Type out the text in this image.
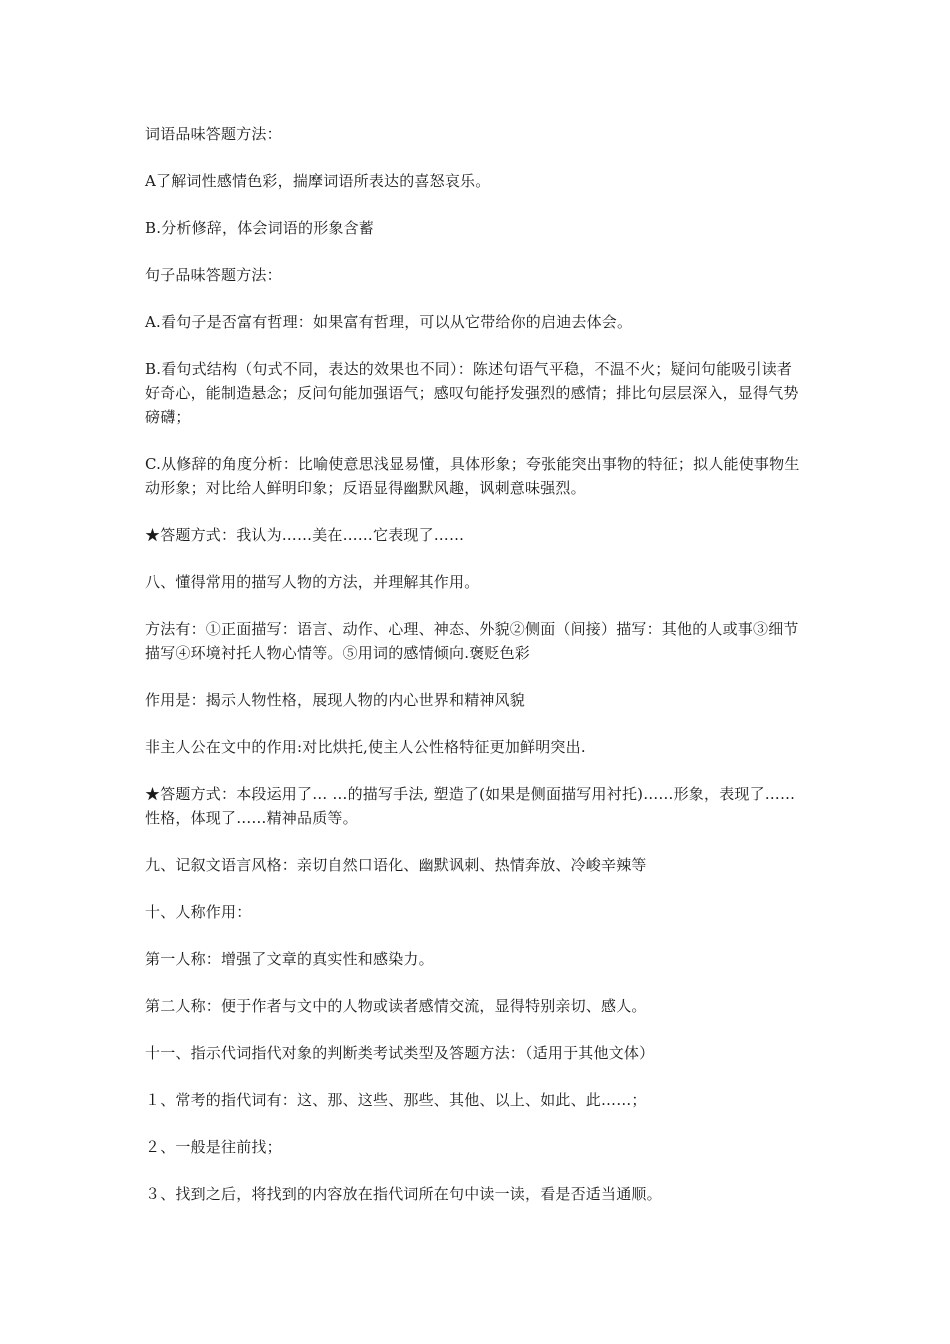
词语品味答题方法：

A了解词性感情色彩，揣摩词语所表达的喜怒哀乐。

B.分析修辞，体会词语的形象含蓄

句子品味答题方法：

A.看句子是否富有哲理：如果富有哲理，可以从它带给你的启迪去体会。

B.看句式结构（句式不同，表达的效果也不同）：陈述句语气平稳，不温不火；疑问句能吸引读者好奇心，能制造悬念；反问句能加强语气；感叹句能抒发强烈的感情；排比句层层深入，显得气势磅礴；

C.从修辞的角度分析：比喻使意思浅显易懂，具体形象；夸张能突出事物的特征；拟人能使事物生动形象；对比给人鲜明印象；反语显得幽默风趣，讽刺意味强烈。

★答题方式：我认为……美在……它表现了……

八、懂得常用的描写人物的方法，并理解其作用。

方法有：①正面描写：语言、动作、心理、神态、外貌②侧面（间接）描写：其他的人或事③细节描写④环境衬托人物心情等。⑤用词的感情倾向.褒贬色彩

作用是：揭示人物性格，展现人物的内心世界和精神风貌

非主人公在文中的作用:对比烘托,使主人公性格特征更加鲜明突出.

★答题方式：本段运用了… …的描写手法, 塑造了(如果是侧面描写用衬托)……形象，表现了……性格，体现了……精神品质等。

九、记叙文语言风格：亲切自然口语化、幽默讽刺、热情奔放、冷峻辛辣等

十、人称作用：

第一人称：增强了文章的真实性和感染力。

第二人称：便于作者与文中的人物或读者感情交流，显得特别亲切、感人。

十一、指示代词指代对象的判断类考试类型及答题方法：（适用于其他文体）

１、常考的指代词有：这、那、这些、那些、其他、以上、如此、此……；

２、一般是往前找；

３、找到之后，将找到的内容放在指代词所在句中读一读，看是否适当通顺。
